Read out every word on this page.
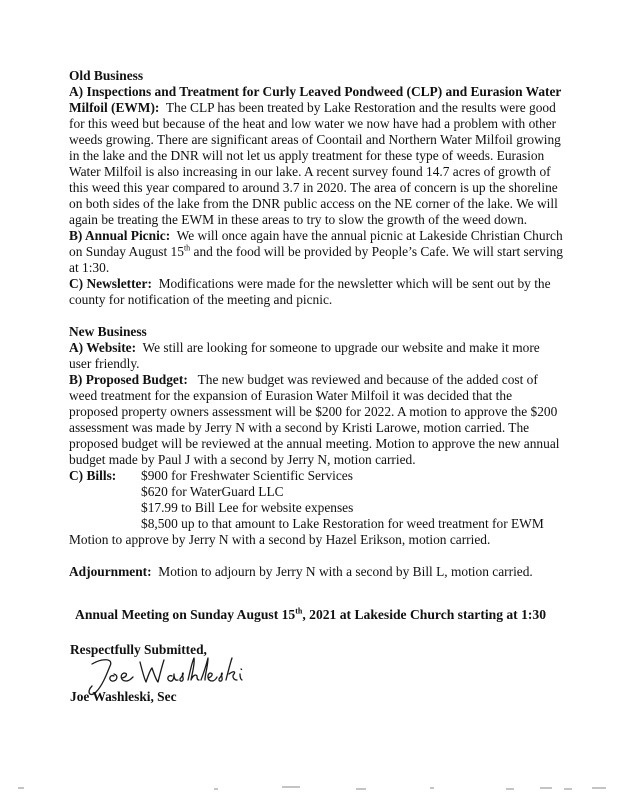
Old Business

A) Inspections and Treatment for Curly Leaved Pondweed (CLP) and Eurasion Water Milfoil (EWM): The CLP has been treated by Lake Restoration and the results were good for this weed but because of the heat and low water we now have had a problem with other weeds growing. There are significant areas of Coontail and Northern Water Milfoil growing in the lake and the DNR will not let us apply treatment for these type of weeds. Eurasion Water Milfoil is also increasing in our lake. A recent survey found 14.7 acres of growth of this weed this year compared to around 3.7 in 2020. The area of concern is up the shoreline on both sides of the lake from the DNR public access on the NE corner of the lake. We will again be treating the EWM in these areas to try to slow the growth of the weed down.

B) Annual Picnic: We will once again have the annual picnic at Lakeside Christian Church on Sunday August 15th and the food will be provided by People’s Cafe. We will start serving at 1:30.

C) Newsletter: Modifications were made for the newsletter which will be sent out by the county for notification of the meeting and picnic.

New Business

A) Website: We still are looking for someone to upgrade our website and make it more user friendly.

B) Proposed Budget: The new budget was reviewed and because of the added cost of weed treatment for the expansion of Eurasion Water Milfoil it was decided that the proposed property owners assessment will be $200 for 2022. A motion to approve the $200 assessment was made by Jerry N with a second by Kristi Larowe, motion carried. The proposed budget will be reviewed at the annual meeting. Motion to approve the new annual budget made by Paul J with a second by Jerry N, motion carried.

C) Bills:	$900 for Freshwater Scientific Services

$620 for WaterGuard LLC

$17.99 to Bill Lee for website expenses

$8,500 up to that amount to Lake Restoration for weed treatment for EWM

Motion to approve by Jerry N with a second by Hazel Erikson, motion carried.

Adjournment: Motion to adjourn by Jerry N with a second by Bill L, motion carried.

Annual Meeting on Sunday August 15th, 2021 at Lakeside Church starting at 1:30
Respectfully Submitted,
Joe Washleski, Sec
